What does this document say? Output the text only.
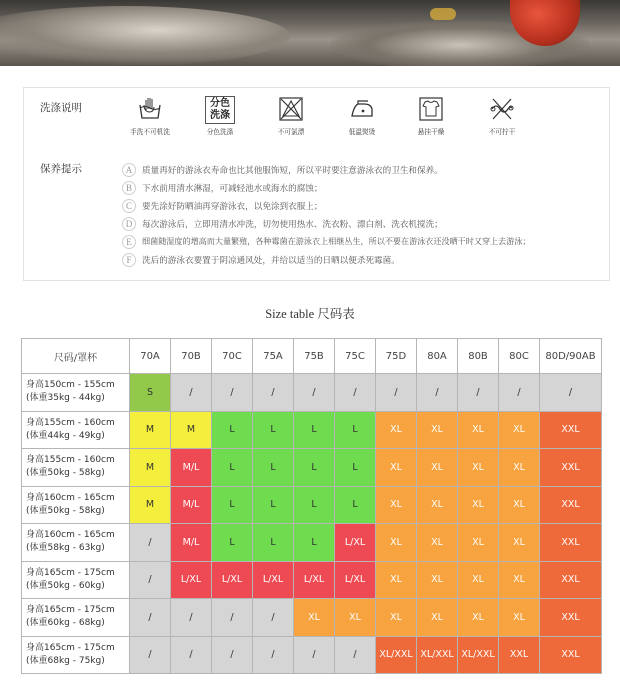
洗涤说明
保养提示
手洗不可机洗
分色
洗涤
分色洗涤	不可氯漂	低温熨烫	悬挂干燥	不可拧干
A	质量再好的游泳衣寿命也比其他服饰短，所以平时要注意游泳衣的卫生和保养。
B	下水前用清水淋湿，可减轻池水或海水的腐蚀；
C	要先涂好防晒油再穿游泳衣，以免涂到衣服上；
D	每次游泳后，立即用清水冲洗，切勿使用热水、洗衣粉、漂白剂、洗衣机搅洗；
E	细菌随湿度的增高而大量繁殖，各种霉菌在游泳衣上相继丛生，所以不要在游泳衣还没晒干时又穿上去游泳；
F	洗后的游泳衣要置于阴凉通风处，并给以适当的日晒以便杀死霉菌。
Size table 尺码表
尺码/罩杯	70A	70B	70C	75A	75B	75C	75D	80A	80B	80C	80D/90AB

身高150cm - 155cm
(体重35kg - 44kg)	S	/	/	/	/	/	/	/	/	/	/

身高155cm - 160cm
(体重44kg - 49kg)	M	M	L	L	L	L	XL	XL	XL	XL	XXL

身高155cm - 160cm
(体重50kg - 58kg)	M	M/L	L	L	L	L	XL	XL	XL	XL	XXL

身高160cm - 165cm
(体重50kg - 58kg)	M	M/L	L	L	L	L	XL	XL	XL	XL	XXL

身高160cm - 165cm
(体重58kg - 63kg)	/	M/L	L	L	L	L/XL	XL	XL	XL	XL	XXL

身高165cm - 175cm
(体重50kg - 60kg)	/	L/XL	L/XL	L/XL	L/XL	L/XL	XL	XL	XL	XL	XXL

身高165cm - 175cm
(体重60kg - 68kg)	/	/	/	/	XL	XL	XL	XL	XL	XL	XXL

身高165cm - 175cm
(体重68kg - 75kg)	/	/	/	/	/	/	XL/XXL	XL/XXL	XL/XXL	XXL	XXL
